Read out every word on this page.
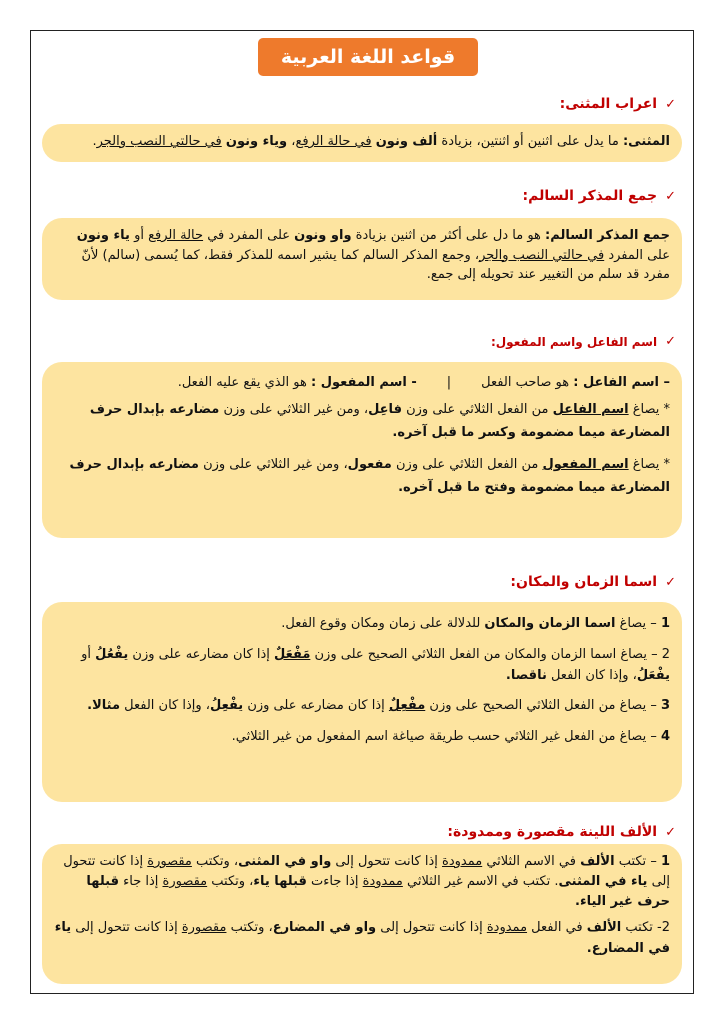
قواعد اللغة العربية
✓
اعراب المثنى:

المثنى: ما يدل على اثنين أو اثنتين، بزيادة ألف ونون في حالة الرفع، وياء ونون في حالتي النصب والجر.

✓
جمع المذكر السالم:

جمع المذكر السالم: هو ما دل على أكثر من اثنين بزيادة واو ونون على المفرد في حالة الرفع أو ياء ونون على المفرد في حالتي النصب والجر، وجمع المذكر السالم كما يشير اسمه للمذكر فقط، كما يُسمى (سالم) لأنّ مفرد قد سلم من التغيير عند تحويله إلى جمع.

✓
اسم الفاعل واسم المفعول:
– اسم الفاعل : هو صاحب الفعل
|
- اسم المفعول : هو الذي يقع عليه الفعل.

* يصاغ اسم الفاعل من الفعل الثلاثي على وزن فاعِل، ومن غير الثلاثي على وزن مضارعه بإبدال حرف المضارعة ميما مضمومة وكسر ما قبل آخره.

* يصاغ اسم المفعول من الفعل الثلاثي على وزن مفعول، ومن غير الثلاثي على وزن مضارعه بإبدال حرف المضارعة ميما مضمومة وفتح ما قبل آخره.

✓
اسما الزمان والمكان:

1 – يصاغ اسما الزمان والمكان للدلالة على زمان ومكان وقوع الفعل.

2 – يصاغ اسما الزمان والمكان من الفعل الثلاثي الصحيح على وزن مَفْعَلٌ إذا كان مضارعه على وزن يفْعُلُ أو يفْعَلُ، وإذا كان الفعل ناقصا.

3 – يصاغ من الفعل الثلاثي الصحيح على وزن مفْعِلٌ إذا كان مضارعه على وزن يفْعِلُ، وإذا كان الفعل مثالا.

4 – يصاغ من الفعل غير الثلاثي حسب طريقة صياغة اسم المفعول من غير الثلاثي.

✓
الألف اللينة مقصورة وممدودة:

1 – تكتب الألف في الاسم الثلاثي ممدودة إذا كانت تتحول إلى واو في المثنى، وتكتب مقصورة إذا كانت تتحول إلى ياء في المثنى. تكتب في الاسم غير الثلاثي ممدودة إذا جاءت قبلها ياء، وتكتب مقصورة إذا جاء قبلها حرف غير الياء.

2- تكتب الألف في الفعل ممدودة إذا كانت تتحول إلى واو في المضارع، وتكتب مقصورة إذا كانت تتحول إلى ياء في المضارع.
